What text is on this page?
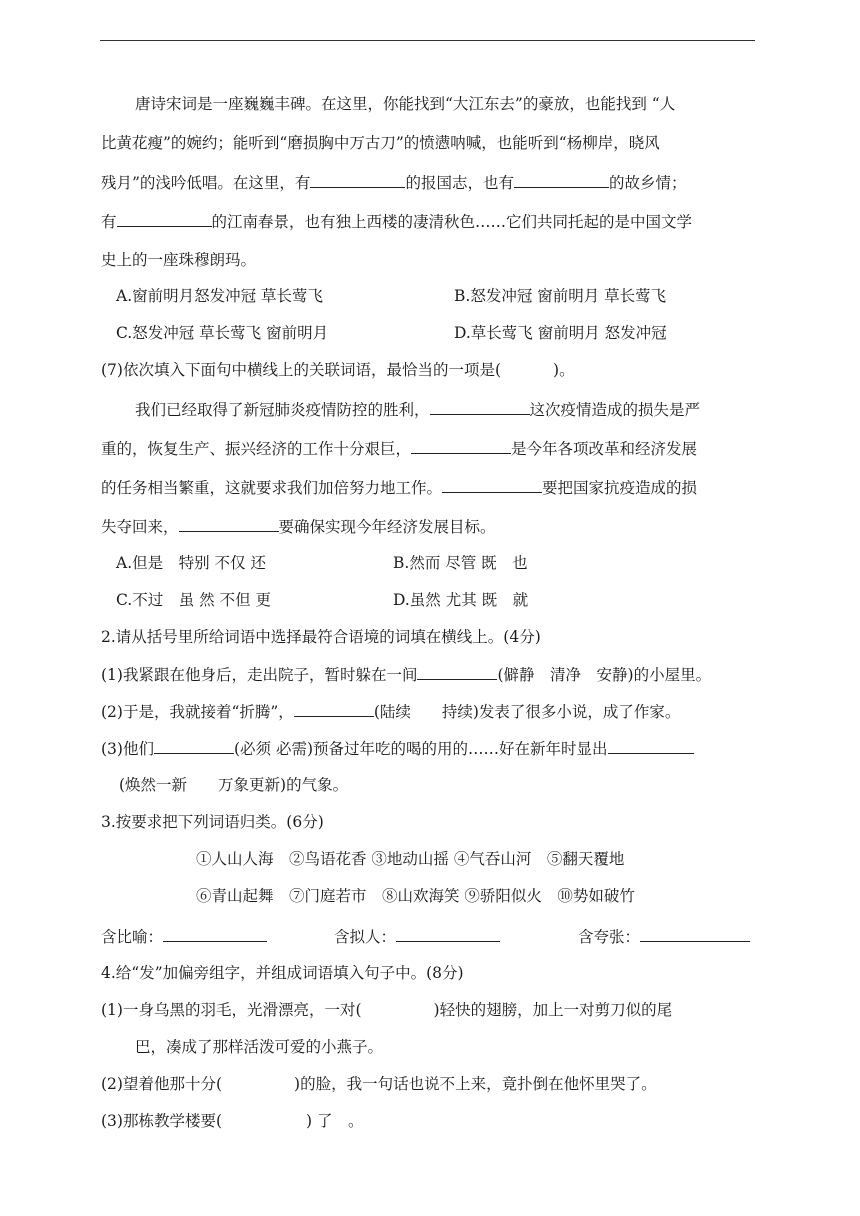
唐诗宋词是一座巍巍丰碑。在这里，你能找到“大江东去”的豪放，也能找到 “人
比黄花瘦”的婉约；能听到“磨损胸中万古刀”的愤懑呐喊，也能听到“杨柳岸，晓风
残月”的浅吟低唱。在这里，有	的报国志，也有	的故乡情；
有	的江南春景，也有独上西楼的凄清秋色……它们共同托起的是中国文学
史上的一座珠穆朗玛。
A.窗前明月怒发冲冠 草长莺飞	B.怒发冲冠 窗前明月 草长莺飞
C.怒发冲冠 草长莺飞 窗前明月	D.草长莺飞 窗前明月 怒发冲冠
(7)依次填入下面句中横线上的关联词语，最恰当的一项是(	)。
我们已经取得了新冠肺炎疫情防控的胜利，	这次疫情造成的损失是严
重的，恢复生产、振兴经济的工作十分艰巨，	是今年各项改革和经济发展
的任务相当繁重，这就要求我们加倍努力地工作。	要把国家抗疫造成的损
失夺回来，	要确保实现今年经济发展目标。
A.但是　特别 不仅 还	B.然而 尽管 既　也
C.不过　虽 然 不但 更	D.虽然 尤其 既　就
2.请从括号里所给词语中选择最符合语境的词填在横线上。(4分)
(1)我紧跟在他身后，走出院子，暂时躲在一间	(僻静　清净　安静)的小屋里。
(2)于是，我就接着“折腾”，	(陆续　　持续)发表了很多小说，成了作家。
(3)他们	(必须 必需)预备过年吃的喝的用的……好在新年时显出
(焕然一新　　万象更新)的气象。
3.按要求把下列词语归类。(6分)
①人山人海　②鸟语花香 ③地动山摇 ④气吞山河　⑤翻天覆地
⑥青山起舞　⑦门庭若市　⑧山欢海笑 ⑨骄阳似火　⑩势如破竹
含比喻：	含拟人：	含夸张：
4.给“发”加偏旁组字，并组成词语填入句子中。(8分)
(1)一身乌黑的羽毛，光滑漂亮，一对(	)轻快的翅膀，加上一对剪刀似的尾
巴，凑成了那样活泼可爱的小燕子。
(2)望着他那十分(	)的脸，我一句话也说不上来，竟扑倒在他怀里哭了。
(3)那栋教学楼要(	) 了　。
